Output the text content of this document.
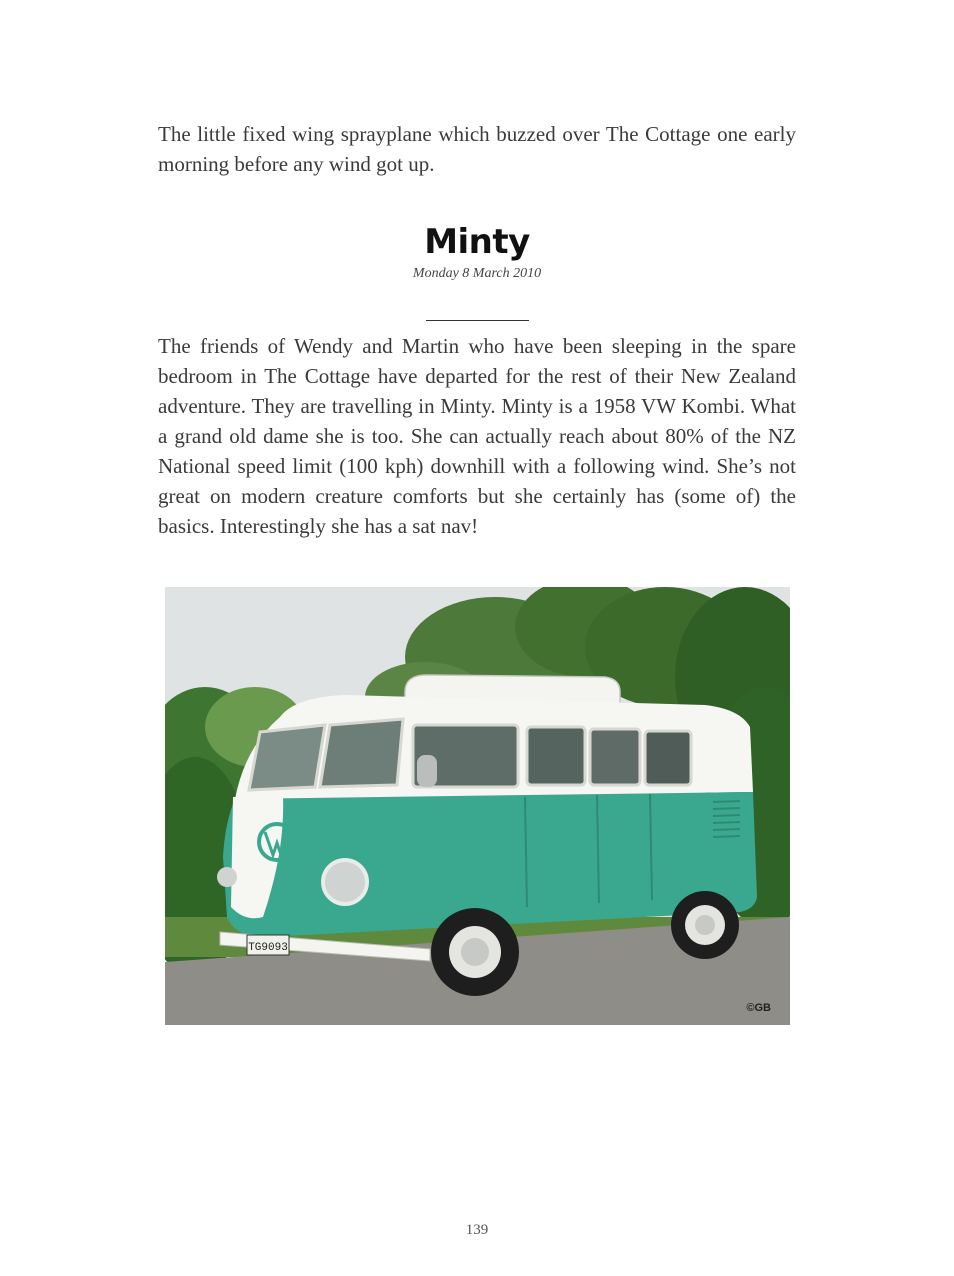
The little fixed wing sprayplane which buzzed over The Cottage one early morning before any wind got up.

Minty
Monday 8 March 2010

The friends of Wendy and Martin who have been sleeping in the spare bedroom in The Cottage have departed for the rest of their New Zealand adventure. They are travelling in Minty. Minty is a 1958 VW Kombi. What a grand old dame she is too. She can actually reach about 80% of the NZ National speed limit (100 kph) downhill with a following wind. She’s not great on modern creature comforts but she certainly has (some of) the basics. Interestingly she has a sat nav!

TG9093
©GB
139
